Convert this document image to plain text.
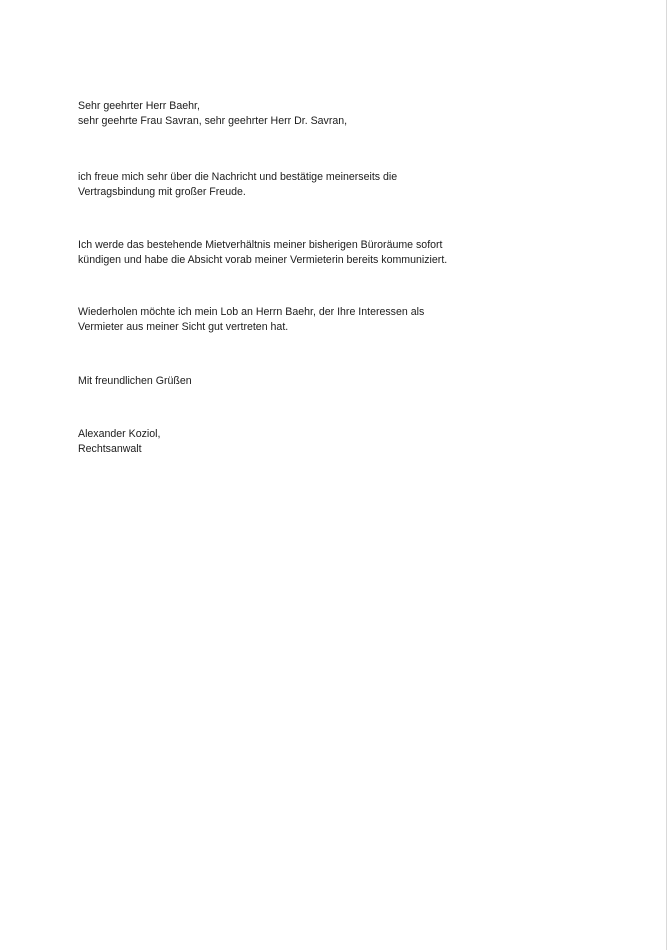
Sehr geehrter Herr Baehr,
sehr geehrte Frau Savran, sehr geehrter Herr Dr. Savran,
ich freue mich sehr über die Nachricht und bestätige meinerseits die
Vertragsbindung mit großer Freude.
Ich werde das bestehende Mietverhältnis meiner bisherigen Büroräume sofort
kündigen und habe die Absicht vorab meiner Vermieterin bereits kommuniziert.
Wiederholen möchte ich mein Lob an Herrn Baehr, der Ihre Interessen als
Vermieter aus meiner Sicht gut vertreten hat.
Mit freundlichen Grüßen
Alexander Koziol,
Rechtsanwalt
